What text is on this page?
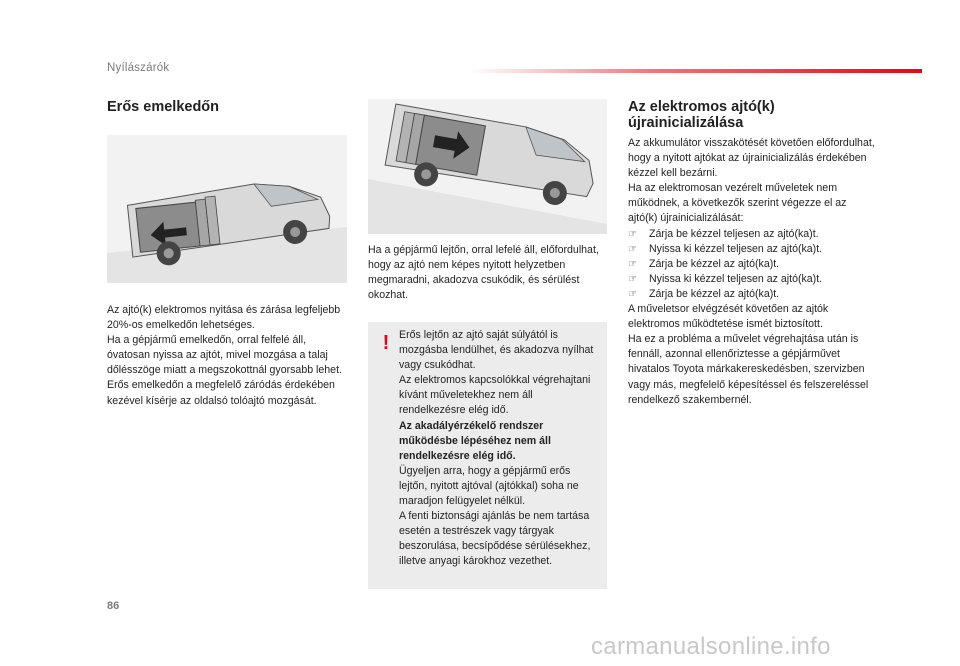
Nyílászárók
Erős emelkedőn

Az ajtó(k) elektromos nyitása és zárása legfeljebb 20%-os emelkedőn lehetséges.

Ha a gépjármű emelkedőn, orral felfelé áll, óvatosan nyissa az ajtót, mivel mozgása a talaj dőlésszöge miatt a megszokottnál gyorsabb lehet.

Erős emelkedőn a megfelelő záródás érdekében kezével kísérje az oldalsó tolóajtó mozgását.

Ha a gépjármű lejtőn, orral lefelé áll, előfordulhat, hogy az ajtó nem képes nyitott helyzetben megmaradni, akadozva csukódik, és sérülést okozhat.
! Erős lejtőn az ajtó saját súlyától is mozgásba lendülhet, és akadozva nyílhat vagy csukódhat.

Az elektromos kapcsolókkal végrehajtani kívánt műveletekhez nem áll rendelkezésre elég idő.

Az akadályérzékelő rendszer működésbe lépéséhez nem áll rendelkezésre elég idő.

Ügyeljen arra, hogy a gépjármű erős lejtőn, nyitott ajtóval (ajtókkal) soha ne maradjon felügyelet nélkül.

A fenti biztonsági ajánlás be nem tartása esetén a testrészek vagy tárgyak beszorulása, becsípődése sérülésekhez, illetve anyagi károkhoz vezethet.

Az elektromos ajtó(k)
újrainicializálása

Az akkumulátor visszakötését követően előfordulhat, hogy a nyitott ajtókat az újrainicializálás érdekében kézzel kell bezárni.

Ha az elektromosan vezérelt műveletek nem működnek, a következők szerint végezze el az ajtó(k) újrainicializálását:

☞ Zárja be kézzel teljesen az ajtó(ka)t.
☞ Nyissa ki kézzel teljesen az ajtó(ka)t.
☞ Zárja be kézzel az ajtó(ka)t.
☞ Nyissa ki kézzel teljesen az ajtó(ka)t.
☞ Zárja be kézzel az ajtó(ka)t.

A műveletsor elvégzését követően az ajtók elektromos működtetése ismét biztosított.

Ha ez a probléma a művelet végrehajtása után is fennáll, azonnal ellenőriztesse a gépjárművet hivatalos Toyota márkakereskedésben, szervizben vagy más, megfelelő képesítéssel és felszereléssel rendelkező szakembernél.

86
carmanualsonline.info
